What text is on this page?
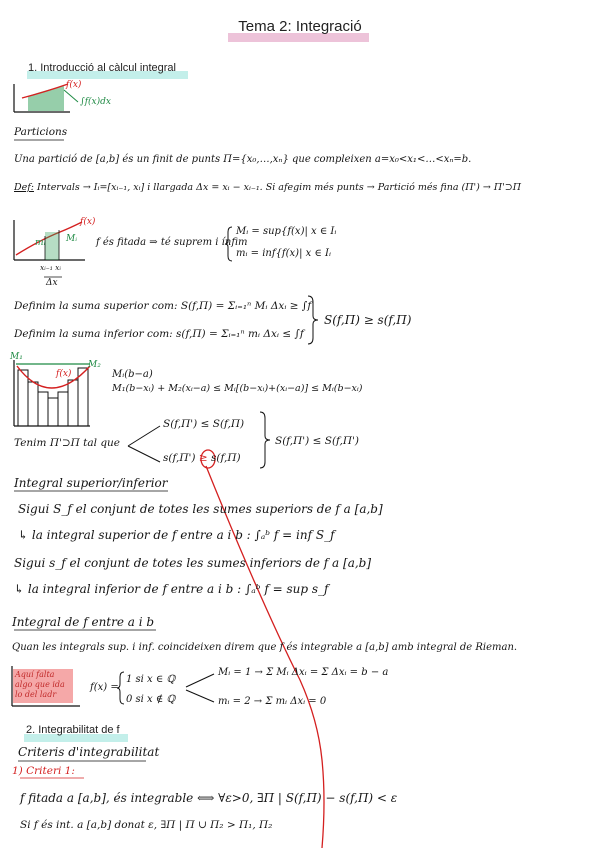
Tema 2: Integració
1. Introducció al càlcul integral
f(x)
∫f(x)dx
Particions
Una partició de [a,b] és un finit de punts Π={x₀,…,xₙ} que compleixen a=x₀<x₁<…<xₙ=b.
Def: Intervals → Iᵢ=[xᵢ₋₁, xᵢ] i llargada Δx = xᵢ − xᵢ₋₁. Si afegim més punts → Partició més fina (Π') → Π'⊃Π
f(x)
Mᵢ
mᵢ
xᵢ₋₁ xᵢ
Δx
f és fitada ⇒ té suprem i ínfim
Mᵢ = sup{f(x)| x ∈ Iᵢ
mᵢ = inf{f(x)| x ∈ Iᵢ
Definim la suma superior com: S(f,Π) = Σᵢ₌₁ⁿ Mᵢ Δxᵢ ≥ ∫f
Definim la suma inferior com: s(f,Π) = Σᵢ₌₁ⁿ mᵢ Δxᵢ ≤ ∫f
S(f,Π) ≥ s(f,Π)
M₁
M₂
f(x)	Mᵢ(b−a)
M₁(b−xᵢ) + M₂(xᵢ−a) ≤ Mᵢ[(b−xᵢ)+(xᵢ−a)] ≤ Mᵢ(b−xᵢ)
Tenim Π'⊃Π tal que
S(f,Π') ≤ S(f,Π)
s(f,Π') ≥ s(f,Π)
S(f,Π') ≤ S(f,Π')
Integral superior/inferior
Sigui S_f el conjunt de totes les sumes superiors de f a [a,b]
↳ la integral superior de f entre a i b : ∫ₐᵇ f = inf S_f
Sigui s_f el conjunt de totes les sumes inferiors de f a [a,b]
↳ la integral inferior de f entre a i b : ∫ₐᵇ f = sup s_f
Integral de f entre a i b
Quan les integrals sup. i inf. coincideixen direm que f és integrable a [a,b] amb integral de Rieman.
Aquí falta
algo que ida
lo del ladr
f(x) =
1 si x ∈ ℚ
0 si x ∉ ℚ
Mᵢ = 1 → Σ Mᵢ Δxᵢ = Σ Δxᵢ = b − a
mᵢ = 2 → Σ mᵢ Δxᵢ = 0
2. Integrabilitat de f
Criteris d'integrabilitat
1) Criteri 1:
f fitada a [a,b], és integrable ⟺ ∀ε>0, ∃Π | S(f,Π) − s(f,Π) < ε
Si f és int. a [a,b] donat ε, ∃Π | Π ∪ Π₂ > Π₁, Π₂
